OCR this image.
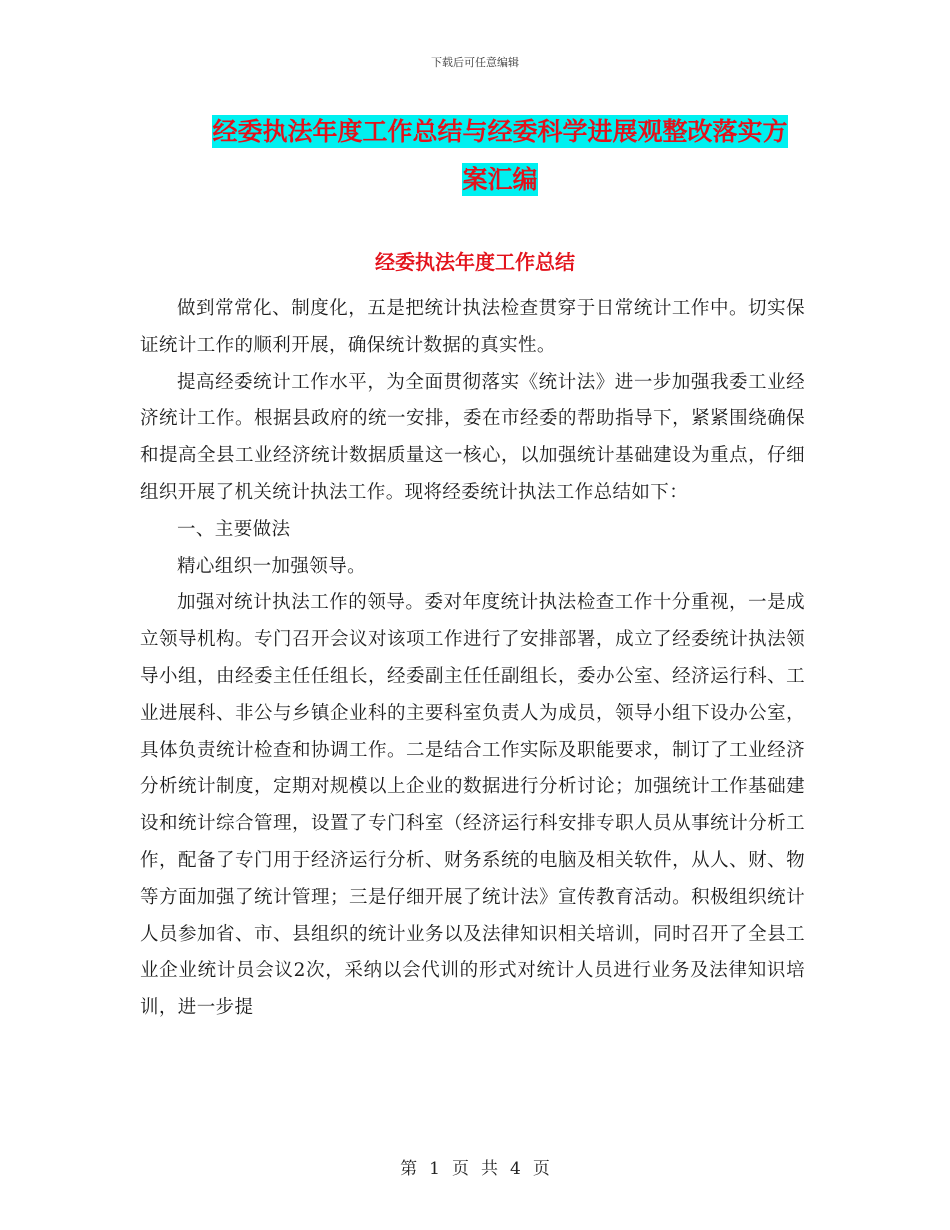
下载后可任意编辑
经委执法年度工作总结与经委科学进展观整改落实方
案汇编
经委执法年度工作总结

做到常常化、制度化，五是把统计执法检查贯穿于日常统计工作中。切实保证统计工作的顺利开展，确保统计数据的真实性。

提高经委统计工作水平，为全面贯彻落实《统计法》进一步加强我委工业经济统计工作。根据县政府的统一安排，委在市经委的帮助指导下，紧紧围绕确保和提高全县工业经济统计数据质量这一核心，以加强统计基础建设为重点，仔细组织开展了机关统计执法工作。现将经委统计执法工作总结如下：

一、主要做法

精心组织一加强领导。

加强对统计执法工作的领导。委对年度统计执法检查工作十分重视，一是成立领导机构。专门召开会议对该项工作进行了安排部署，成立了经委统计执法领导小组，由经委主任任组长，经委副主任任副组长，委办公室、经济运行科、工业进展科、非公与乡镇企业科的主要科室负责人为成员，领导小组下设办公室，具体负责统计检查和协调工作。二是结合工作实际及职能要求，制订了工业经济分析统计制度，定期对规模以上企业的数据进行分析讨论；加强统计工作基础建设和统计综合管理，设置了专门科室（经济运行科安排专职人员从事统计分析工作，配备了专门用于经济运行分析、财务系统的电脑及相关软件，从人、财、物等方面加强了统计管理；三是仔细开展了统计法》宣传教育活动。积极组织统计人员参加省、市、县组织的统计业务以及法律知识相关培训，同时召开了全县工业企业统计员会议2次，采纳以会代训的形式对统计人员进行业务及法律知识培训，进一步提

第 1 页 共 4 页
